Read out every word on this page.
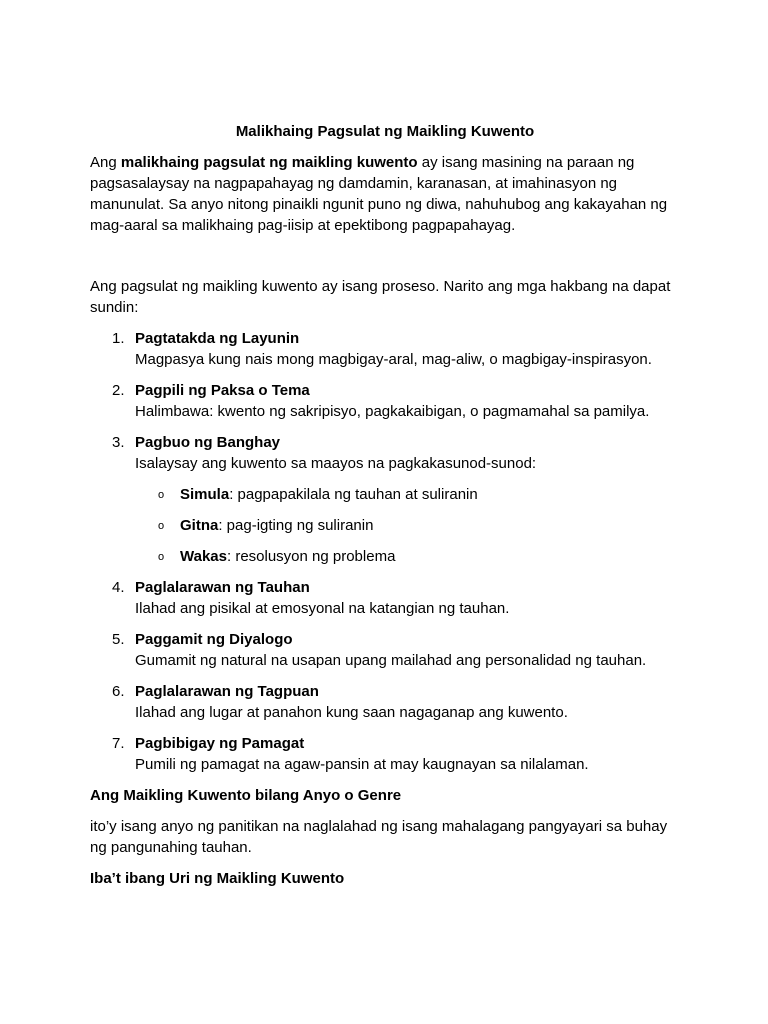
Malikhaing Pagsulat ng Maikling Kuwento

Ang malikhaing pagsulat ng maikling kuwento ay isang masining na paraan ng pagsasalaysay na nagpapahayag ng damdamin, karanasan, at imahinasyon ng manunulat. Sa anyo nitong pinaikli ngunit puno ng diwa, nahuhubog ang kakayahan ng mag-aaral sa malikhaing pag-iisip at epektibong pagpapahayag.

Ang pagsulat ng maikling kuwento ay isang proseso. Narito ang mga hakbang na dapat sundin:

1. Pagtatakda ng Layunin
Magpasya kung nais mong magbigay-aral, mag-aliw, o magbigay-inspirasyon.
2. Pagpili ng Paksa o Tema
Halimbawa: kwento ng sakripisyo, pagkakaibigan, o pagmamahal sa pamilya.
3. Pagbuo ng Banghay
Isalaysay ang kuwento sa maayos na pagkakasunod-sunod:
o Simula: pagpapakilala ng tauhan at suliranin
o Gitna: pag-igting ng suliranin
o Wakas: resolusyon ng problema
4. Paglalarawan ng Tauhan
Ilahad ang pisikal at emosyonal na katangian ng tauhan.
5. Paggamit ng Diyalogo
Gumamit ng natural na usapan upang mailahad ang personalidad ng tauhan.
6. Paglalarawan ng Tagpuan
Ilahad ang lugar at panahon kung saan nagaganap ang kuwento.
7. Pagbibigay ng Pamagat
Pumili ng pamagat na agaw-pansin at may kaugnayan sa nilalaman.

Ang Maikling Kuwento bilang Anyo o Genre

ito’y isang anyo ng panitikan na naglalahad ng isang mahalagang pangyayari sa buhay ng pangunahing tauhan.

Iba’t ibang Uri ng Maikling Kuwento
